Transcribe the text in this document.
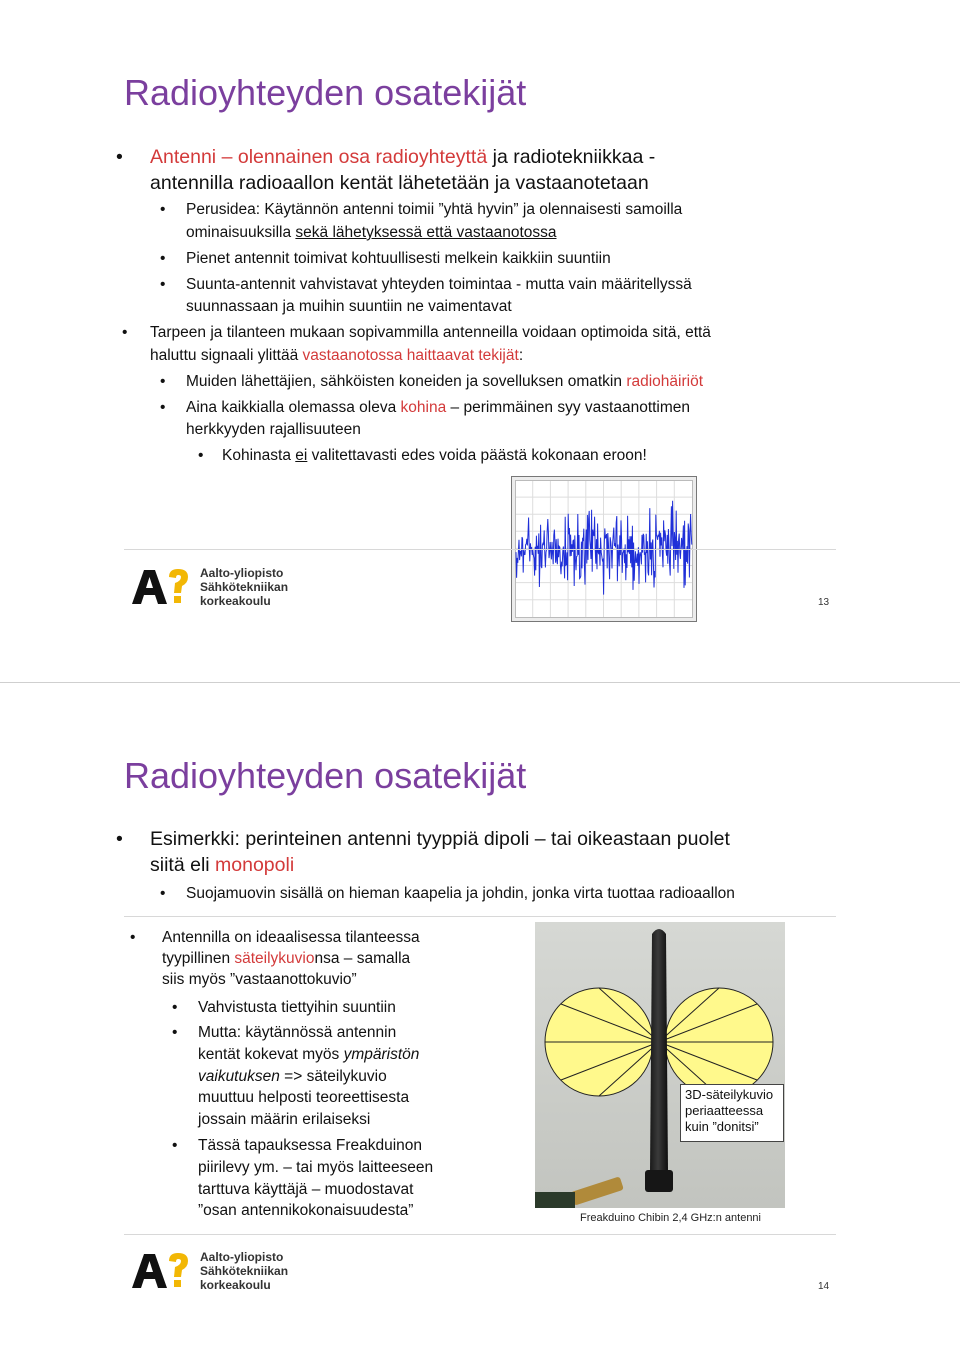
Radioyhteyden osatekijät
• Antenni – olennainen osa radioyhteyttä ja radiotekniikkaa -
antennilla radioaallon kentät lähetetään ja vastaanotetaan
• Perusidea: Käytännön antenni toimii ”yhtä hyvin” ja olennaisesti samoilla
ominaisuuksilla sekä lähetyksessä että vastaanotossa
• Pienet antennit toimivat kohtuullisesti melkein kaikkiin suuntiin
• Suunta-antennit vahvistavat yhteyden toimintaa - mutta vain määritellyssä
suunnassaan ja muihin suuntiin ne vaimentavat
• Tarpeen ja tilanteen mukaan sopivammilla antenneilla voidaan optimoida sitä, että
haluttu signaali ylittää vastaanotossa haittaavat tekijät:
• Muiden lähettäjien, sähköisten koneiden ja sovelluksen omatkin radiohäiriöt
• Aina kaikkialla olemassa oleva kohina – perimmäinen syy vastaanottimen
herkkyyden rajallisuuteen
• Kohinasta ei valitettavasti edes voida päästä kokonaan eroon!
Aalto-yliopisto
Sähkötekniikan
korkeakoulu	13
Radioyhteyden osatekijät
• Esimerkki: perinteinen antenni tyyppiä dipoli – tai oikeastaan puolet
siitä eli monopoli
• Suojamuovin sisällä on hieman kaapelia ja johdin, jonka virta tuottaa radioaallon
• Antennilla on ideaalisessa tilanteessa
tyypillinen säteilykuvionsa – samalla
siis myös ”vastaanottokuvio”
• Vahvistusta tiettyihin suuntiin
• Mutta: käytännössä antennin
kentät kokevat myös ympäristön
vaikutuksen => säteilykuvio
muuttuu helposti teoreettisesta
jossain määrin erilaiseksi
• Tässä tapauksessa Freakduinon
piirilevy ym. – tai myös laitteeseen
tarttuva käyttäjä – muodostavat
”osan antennikokonaisuudesta”
3D-säteilykuvio
periaatteessa
kuin ”donitsi”
Freakduino Chibin 2,4 GHz:n antenni
Aalto-yliopisto
Sähkötekniikan
korkeakoulu	14
